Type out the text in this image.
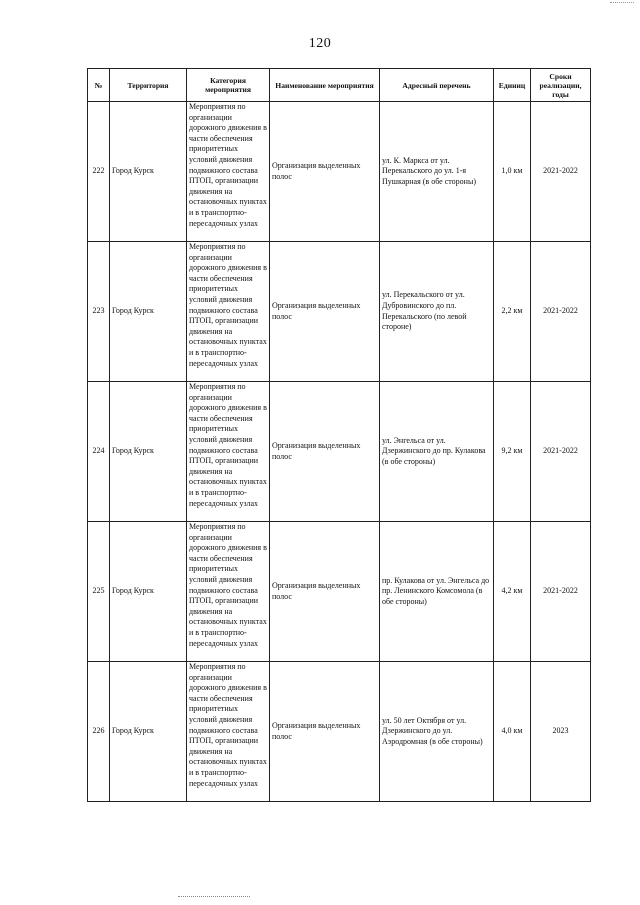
120
№	Территория	Категория мероприятия	Наименование мероприятия	Адресный перечень	Единиц	Сроки реализации, годы
222	Город Курск	Мероприятия по организации дорожного движения в части обеспечения приоритетных условий движения подвижного состава ПТОП, организации движения на остановочных пунктах и в транспортно-пересадочных узлах	Организация выделенных полос	ул. К. Маркса от ул. Перекальского до ул. 1-я Пушкарная (в обе стороны)	1,0 км	2021-2022
223	Город Курск	Мероприятия по организации дорожного движения в части обеспечения приоритетных условий движения подвижного состава ПТОП, организации движения на остановочных пунктах и в транспортно-пересадочных узлах	Организация выделенных полос	ул. Перекальского от ул. Дубровинского до пл. Перекальского (по левой стороне)	2,2 км	2021-2022
224	Город Курск	Мероприятия по организации дорожного движения в части обеспечения приоритетных условий движения подвижного состава ПТОП, организации движения на остановочных пунктах и в транспортно-пересадочных узлах	Организация выделенных полос	ул. Энгельса от ул. Дзержинского до пр. Кулакова (в обе стороны)	9,2 км	2021-2022
225	Город Курск	Мероприятия по организации дорожного движения в части обеспечения приоритетных условий движения подвижного состава ПТОП, организации движения на остановочных пунктах и в транспортно-пересадочных узлах	Организация выделенных полос	пр. Кулакова от ул. Энгельса до пр. Ленинского Комсомола (в обе стороны)	4,2 км	2021-2022
226	Город Курск	Мероприятия по организации дорожного движения в части обеспечения приоритетных условий движения подвижного состава ПТОП, организации движения на остановочных пунктах и в транспортно-пересадочных узлах	Организация выделенных полос	ул. 50 лет Октября от ул. Дзержинского до ул. Аэродромная (в обе стороны)	4,0 км	2023
